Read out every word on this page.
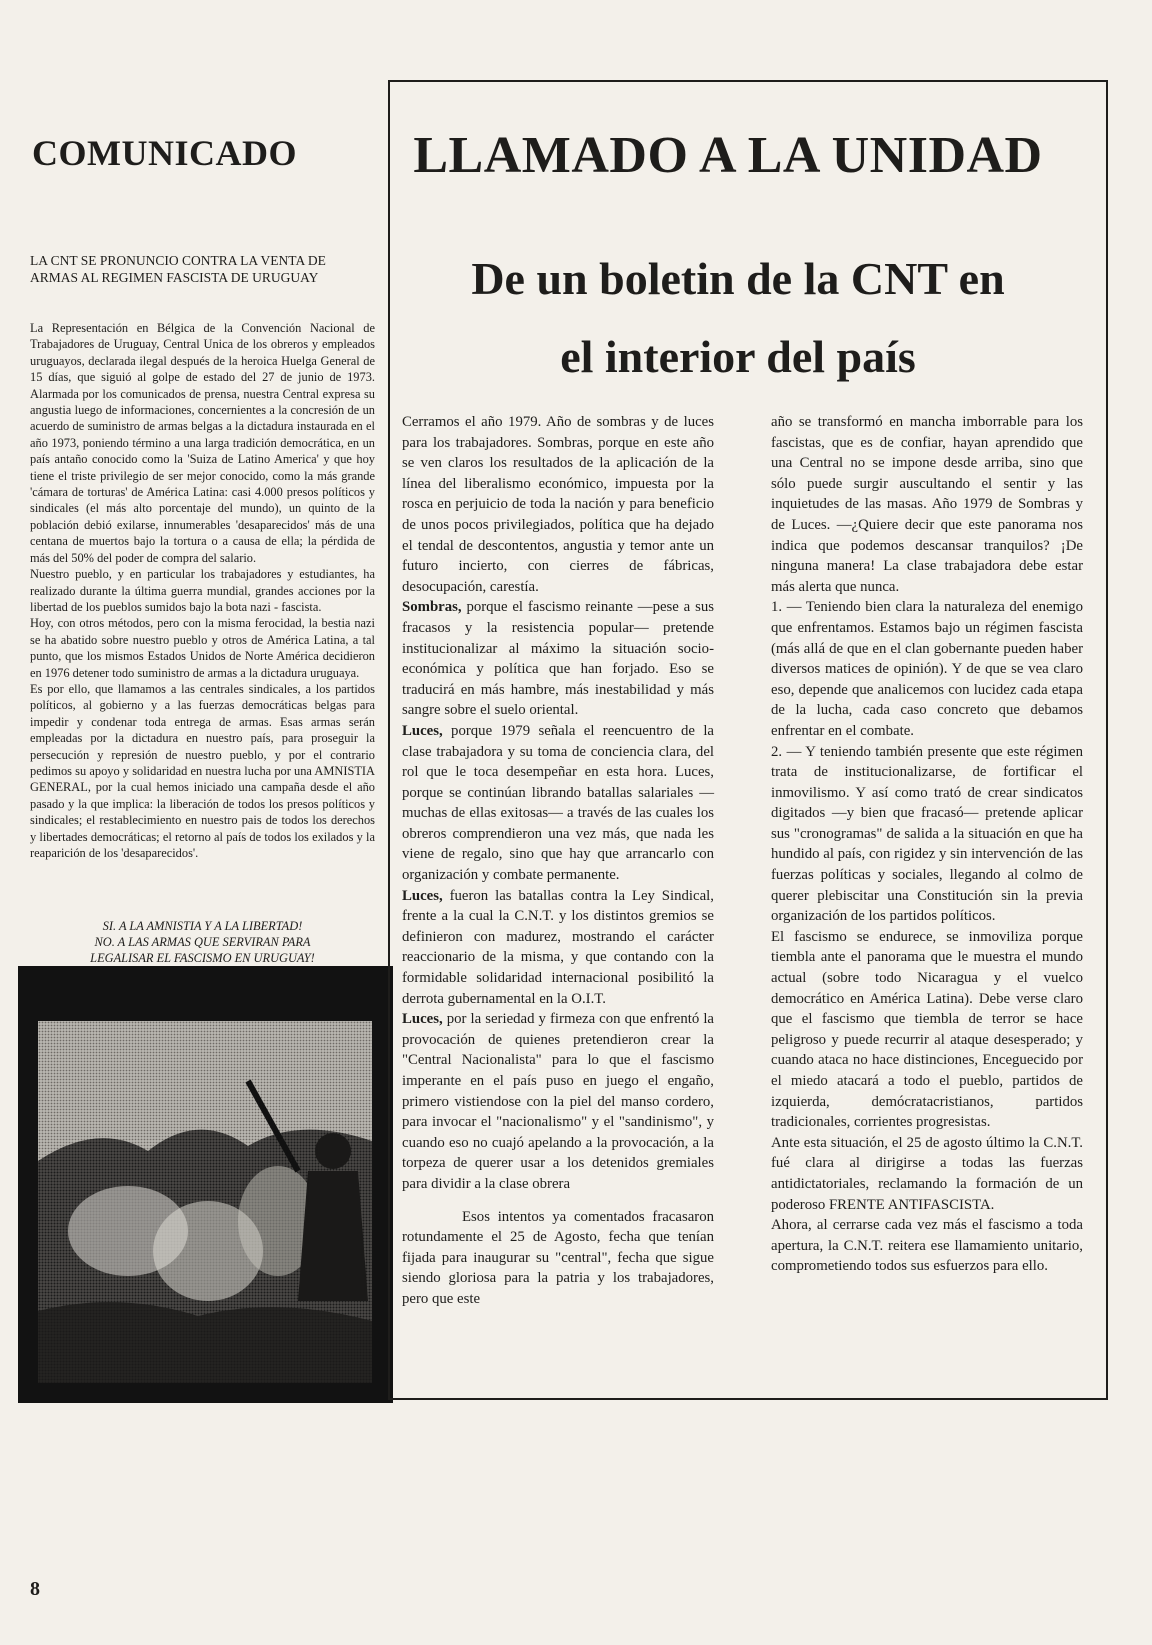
COMUNICADO
LA CNT SE PRONUNCIO CONTRA LA VENTA DE ARMAS AL REGIMEN FASCISTA DE URUGUAY

La Representación en Bélgica de la Convención Nacional de Trabajadores de Uruguay, Central Unica de los obreros y empleados uruguayos, declarada ilegal después de la heroica Huelga General de 15 días, que siguió al golpe de estado del 27 de junio de 1973. Alarmada por los comunicados de prensa, nuestra Central expresa su angustia luego de informaciones, concernientes a la concresión de un acuerdo de suministro de armas belgas a la dictadura instaurada en el año 1973, poniendo término a una larga tradición democrática, en un país antaño conocido como la 'Suiza de Latino America' y que hoy tiene el triste privilegio de ser mejor conocido, como la más grande 'cámara de torturas' de América Latina: casi 4.000 presos políticos y sindicales (el más alto porcentaje del mundo), un quinto de la población debió exilarse, innumerables 'desaparecidos' más de una centana de muertos bajo la tortura o a causa de ella; la pérdida de más del 50% del poder de compra del salario.

Nuestro pueblo, y en particular los trabajadores y estudiantes, ha realizado durante la última guerra mundial, grandes acciones por la libertad de los pueblos sumidos bajo la bota nazi - fascista.

Hoy, con otros métodos, pero con la misma ferocidad, la bestia nazi se ha abatido sobre nuestro pueblo y otros de América Latina, a tal punto, que los mismos Estados Unidos de Norte América decidieron en 1976 detener todo suministro de armas a la dictadura uruguaya.

Es por ello, que llamamos a las centrales sindicales, a los partidos políticos, al gobierno y a las fuerzas democráticas belgas para impedir y condenar toda entrega de armas. Esas armas serán empleadas por la dictadura en nuestro país, para proseguir la persecución y represión de nuestro pueblo, y por el contrario pedimos su apoyo y solidaridad en nuestra lucha por una AMNISTIA GENERAL, por la cual hemos iniciado una campaña desde el año pasado y la que implica: la liberación de todos los presos políticos y sindicales; el restablecimiento en nuestro pais de todos los derechos y libertades democráticas; el retorno al país de todos los exilados y la reaparición de los 'desaparecidos'.

SI. A LA AMNISTIA Y A LA LIBERTAD!
NO. A LAS ARMAS QUE SERVIRAN PARA
LEGALISAR EL FASCISMO EN URUGUAY!
LLAMADO A LA UNIDAD
De un boletin de la CNT en
el interior del país

Cerramos el año 1979. Año de sombras y de luces para los trabajadores. Sombras, porque en este año se ven claros los resultados de la aplicación de la línea del liberalismo económico, impuesta por la rosca en perjuicio de toda la nación y para beneficio de unos pocos privilegiados, política que ha dejado el tendal de descontentos, angustia y temor ante un futuro incierto, con cierres de fábricas, desocupación, carestía.

Sombras, porque el fascismo reinante —pese a sus fracasos y la resistencia popular— pretende institucionalizar al máximo la situación socio-económica y política que han forjado. Eso se traducirá en más hambre, más inestabilidad y más sangre sobre el suelo oriental.

Luces, porque 1979 señala el reencuentro de la clase trabajadora y su toma de conciencia clara, del rol que le toca desempeñar en esta hora. Luces, porque se continúan librando batallas salariales —muchas de ellas exitosas— a través de las cuales los obreros comprendieron una vez más, que nada les viene de regalo, sino que hay que arrancarlo con organización y combate permanente.

Luces, fueron las batallas contra la Ley Sindical, frente a la cual la C.N.T. y los distintos gremios se definieron con madurez, mostrando el carácter reaccionario de la misma, y que contando con la formidable solidaridad internacional posibilitó la derrota gubernamental en la O.I.T.

Luces, por la seriedad y firmeza con que enfrentó la provocación de quienes pretendieron crear la "Central Nacionalista" para lo que el fascismo imperante en el país puso en juego el engaño, primero vistiendose con la piel del manso cordero, para invocar el "nacionalismo" y el "sandinismo", y cuando eso no cuajó apelando a la provocación, a la torpeza de querer usar a los detenidos gremiales para dividir a la clase obrera

Esos intentos ya comentados fracasaron rotundamente el 25 de Agosto, fecha que tenían fijada para inaugurar su "central", fecha que sigue siendo gloriosa para la patria y los trabajadores, pero que este

año se transformó en mancha imborrable para los fascistas, que es de confiar, hayan aprendido que una Central no se impone desde arriba, sino que sólo puede surgir auscultando el sentir y las inquietudes de las masas. Año 1979 de Sombras y de Luces. —¿Quiere decir que este panorama nos indica que podemos descansar tranquilos? ¡De ninguna manera! La clase trabajadora debe estar más alerta que nunca.

1. — Teniendo bien clara la naturaleza del enemigo que enfrentamos. Estamos bajo un régimen fascista (más allá de que en el clan gobernante pueden haber diversos matices de opinión). Y de que se vea claro eso, depende que analicemos con lucidez cada etapa de la lucha, cada caso concreto que debamos enfrentar en el combate.

2. — Y teniendo también presente que este régimen trata de institucionalizarse, de fortificar el inmovilismo. Y así como trató de crear sindicatos digitados —y bien que fracasó— pretende aplicar sus "cronogramas" de salida a la situación en que ha hundido al país, con rigidez y sin intervención de las fuerzas políticas y sociales, llegando al colmo de querer plebiscitar una Constitución sin la previa organización de los partidos políticos.

El fascismo se endurece, se inmoviliza porque tiembla ante el panorama que le muestra el mundo actual (sobre todo Nicaragua y el vuelco democrático en América Latina). Debe verse claro que el fascismo que tiembla de terror se hace peligroso y puede recurrir al ataque desesperado; y cuando ataca no hace distinciones, Enceguecido por el miedo atacará a todo el pueblo, partidos de izquierda, demócratacristianos, partidos tradicionales, corrientes progresistas.

Ante esta situación, el 25 de agosto último la C.N.T. fué clara al dirigirse a todas las fuerzas antidictatoriales, reclamando la formación de un poderoso FRENTE ANTIFASCISTA.

Ahora, al cerrarse cada vez más el fascismo a toda apertura, la C.N.T. reitera ese llamamiento unitario, comprometiendo todos sus esfuerzos para ello.

8
